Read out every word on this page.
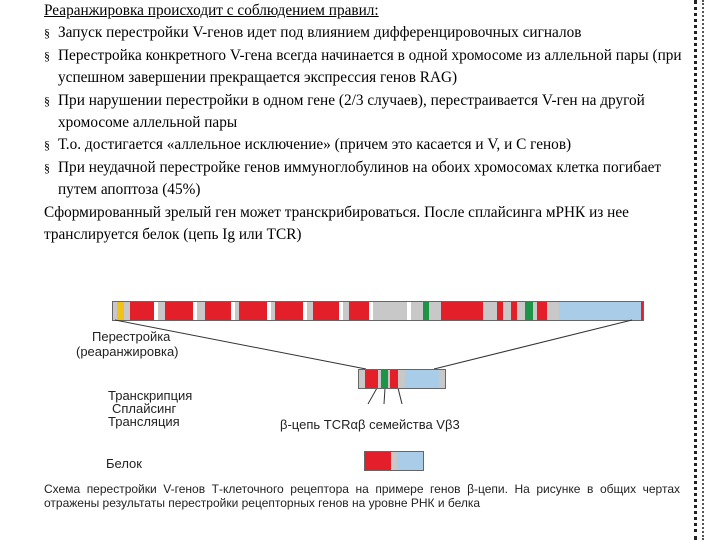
Реаранжировка происходит с соблюдением правил:

§ Запуск перестройки V-генов идет под влиянием дифференцировочных сигналов
§ Перестройка конкретного V-гена всегда начинается в одной хромосоме из аллельной пары (при успешном завершении прекращается экспрессия генов RAG)
§ При нарушении перестройки в одном гене (2/3 случаев), перестраивается V-ген на другой хромосоме аллельной пары
§ Т.о. достигается «аллельное исключение» (причем это касается и V, и С генов)
§ При неудачной перестройке генов иммуноглобулинов на обоих хромосомах клетка погибает путем апоптоза (45%)

Сформированный зрелый ген может транскрибироваться. После сплайсинга мРНК из нее транслируется белок (цепь Ig или TCR)

Перестройка
(реаранжировка)
Транскрипция
Сплайсинг
Трансляция	β-цепь TCRαβ семейства Vβ3
Белок
Схема перестройки V-генов Т-клеточного рецептора на примере генов β-цепи. На рисунке в общих чертах отражены результаты перестройки рецепторных генов на уровне РНК и белка
